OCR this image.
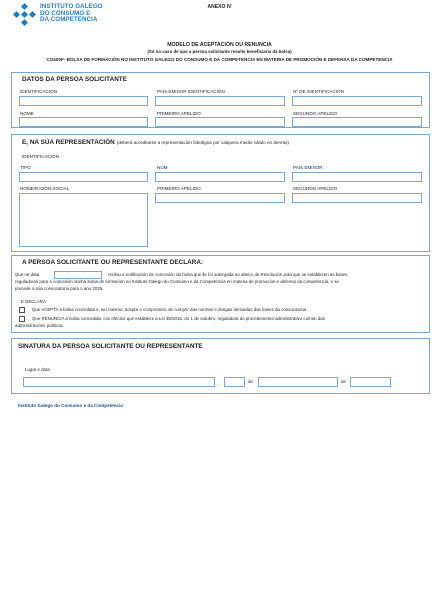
INSTITUTO GALEGO
DO CONSUMO E
DA COMPETENCIA
ANEXO IV
MODELO DE ACEPTACIÓN OU RENUNCIA
(Só no caso de que a persoa solicitante resulte beneficiaria da bolsa)
CO400F- BOLSA DE FORMACIÓN NO INSTITUTO GALEGO DO CONSUMO E DA COMPETENCIA EN MATERIA DE PROMOCIÓN E DEFENSA DA COMPETENCIA
DATOS DA PERSOA SOLICITANTE
IDENTIFICACIÓN	PAÍS EMISOR IDENTIFICACIÓN	Nº DE IDENTIFICACIÓN
NOME	PRIMEIRO APELIDO	SEGUNDO APELIDO
E, NA SÚA REPRESENTACIÓN (deberá acreditarse a representación fidedigna por calquera medio válido en dereito)
IDENTIFICACIÓN
TIPO	NÚM	PAÍS EMISOR
NOME/RAZÓN SOCIAL	PRIMEIRO APELIDO	SEGUNDO APELIDO
A PERSOA SOLICITANTE OU REPRESENTANTE DECLARA:
Que na data	recibiu a notificación de concesión da bolsa que lle foi outorgada ao abeiro da Resolución pola que se establecen as bases
reguladoras para a concesión dunha bolsa de formación no Instituto Galego do Consumo e da Competencia en materia de promoción e defensa da competencia, e se
procede á súa convocatoria para o ano 2025.
E DECLARA:
Que ACEPTA a bolsa concedida e, así mesmo, acepta o compromiso de cumprir das normas e obrigas derivadas das bases da convocatoria.
Que RENUNCIA á bolsa concedida, cos efectos que establece a Lei 39/2015, do 1 de outubro, reguladora do procedemento administrativo común das
administracións públicas.
SINATURA DA PERSOA SOLICITANTE OU REPRESENTANTE
Lugar e data
,	de	de
Instituto Galego do Consumo e da Competencia
